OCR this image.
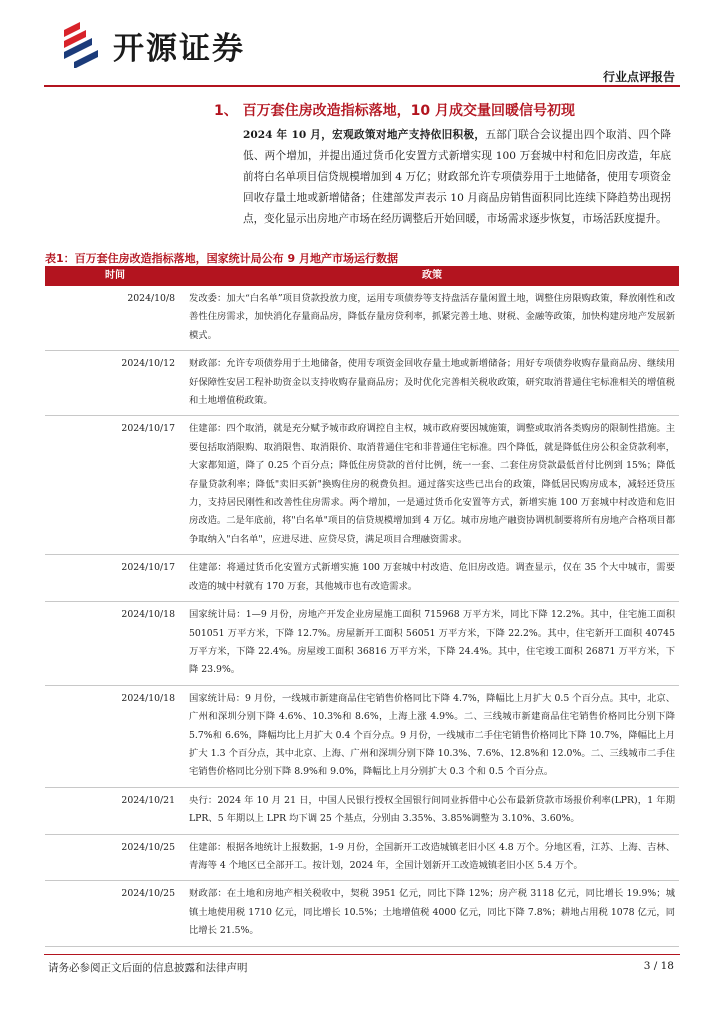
开源证券
行业点评报告
1、 百万套住房改造指标落地，10 月成交量回暖信号初现
2024 年 10 月，宏观政策对地产支持依旧积极，五部门联合会议提出四个取消、四个降低、两个增加，并提出通过货币化安置方式新增实现 100 万套城中村和危旧房改造，年底前将白名单项目信贷规模增加到 4 万亿；财政部允许专项债券用于土地储备，使用专项资金回收存量土地或新增储备；住建部发声表示 10 月商品房销售面积同比连续下降趋势出现拐点，变化显示出房地产市场在经历调整后开始回暖，市场需求逐步恢复，市场活跃度提升。
表1：百万套住房改造指标落地，国家统计局公布 9 月地产市场运行数据
时间	政策
2024/10/8	发改委：加大“白名单”项目贷款投放力度，运用专项债券等支持盘活存量闲置土地，调整住房限购政策，释放刚性和改善性住房需求，加快消化存量商品房，降低存量房贷利率，抓紧完善土地、财税、金融等政策，加快构建房地产发展新模式。
2024/10/12	财政部：允许专项债券用于土地储备，使用专项资金回收存量土地或新增储备；用好专项债券收购存量商品房、继续用好保障性安居工程补助资金以支持收购存量商品房；及时优化完善相关税收政策，研究取消普通住宅标准相关的增值税和土地增值税政策。
2024/10/17	住建部：四个取消，就是充分赋予城市政府调控自主权，城市政府要因城施策，调整或取消各类购房的限制性措施。主要包括取消限购、取消限售、取消限价、取消普通住宅和非普通住宅标准。四个降低，就是降低住房公积金贷款利率，大家都知道，降了 0.25 个百分点；降低住房贷款的首付比例，统一一套、二套住房贷款最低首付比例到 15%；降低存量贷款利率；降低"卖旧买新"换购住房的税费负担。通过落实这些已出台的政策，降低居民购房成本，减轻还贷压力，支持居民刚性和改善性住房需求。两个增加，一是通过货币化安置等方式，新增实施 100 万套城中村改造和危旧房改造。二是年底前，将"白名单"项目的信贷规模增加到 4 万亿。城市房地产融资协调机制要将所有房地产合格项目都争取纳入"白名单"，应进尽进、应贷尽贷，满足项目合理融资需求。
2024/10/17	住建部：将通过货币化安置方式新增实施 100 万套城中村改造、危旧房改造。调查显示，仅在 35 个大中城市，需要改造的城中村就有 170 万套，其他城市也有改造需求。
2024/10/18	国家统计局：1—9 月份，房地产开发企业房屋施工面积 715968 万平方米，同比下降 12.2%。其中，住宅施工面积 501051 万平方米，下降 12.7%。房屋新开工面积 56051 万平方米，下降 22.2%。其中，住宅新开工面积 40745 万平方米，下降 22.4%。房屋竣工面积 36816 万平方米，下降 24.4%。其中，住宅竣工面积 26871 万平方米，下降 23.9%。
2024/10/18	国家统计局：9 月份，一线城市新建商品住宅销售价格同比下降 4.7%，降幅比上月扩大 0.5 个百分点。其中，北京、广州和深圳分别下降 4.6%、10.3%和 8.6%，上海上涨 4.9%。二、三线城市新建商品住宅销售价格同比分别下降 5.7%和 6.6%，降幅均比上月扩大 0.4 个百分点。9 月份，一线城市二手住宅销售价格同比下降 10.7%，降幅比上月扩大 1.3 个百分点，其中北京、上海、广州和深圳分别下降 10.3%、7.6%、12.8%和 12.0%。二、三线城市二手住宅销售价格同比分别下降 8.9%和 9.0%，降幅比上月分别扩大 0.3 个和 0.5 个百分点。
2024/10/21	央行：2024 年 10 月 21 日，中国人民银行授权全国银行间同业拆借中心公布最新贷款市场报价利率(LPR)，1 年期 LPR、5 年期以上 LPR 均下调 25 个基点，分别由 3.35%、3.85%调整为 3.10%、3.60%。
2024/10/25	住建部：根据各地统计上报数据，1-9 月份，全国新开工改造城镇老旧小区 4.8 万个。分地区看，江苏、上海、吉林、青海等 4 个地区已全部开工。按计划，2024 年，全国计划新开工改造城镇老旧小区 5.4 万个。
2024/10/25	财政部：在土地和房地产相关税收中，契税 3951 亿元，同比下降 12%；房产税 3118 亿元，同比增长 19.9%；城镇土地使用税 1710 亿元，同比增长 10.5%；土地增值税 4000 亿元，同比下降 7.8%；耕地占用税 1078 亿元，同比增长 21.5%。
请务必参阅正文后面的信息披露和法律声明	3 / 18
